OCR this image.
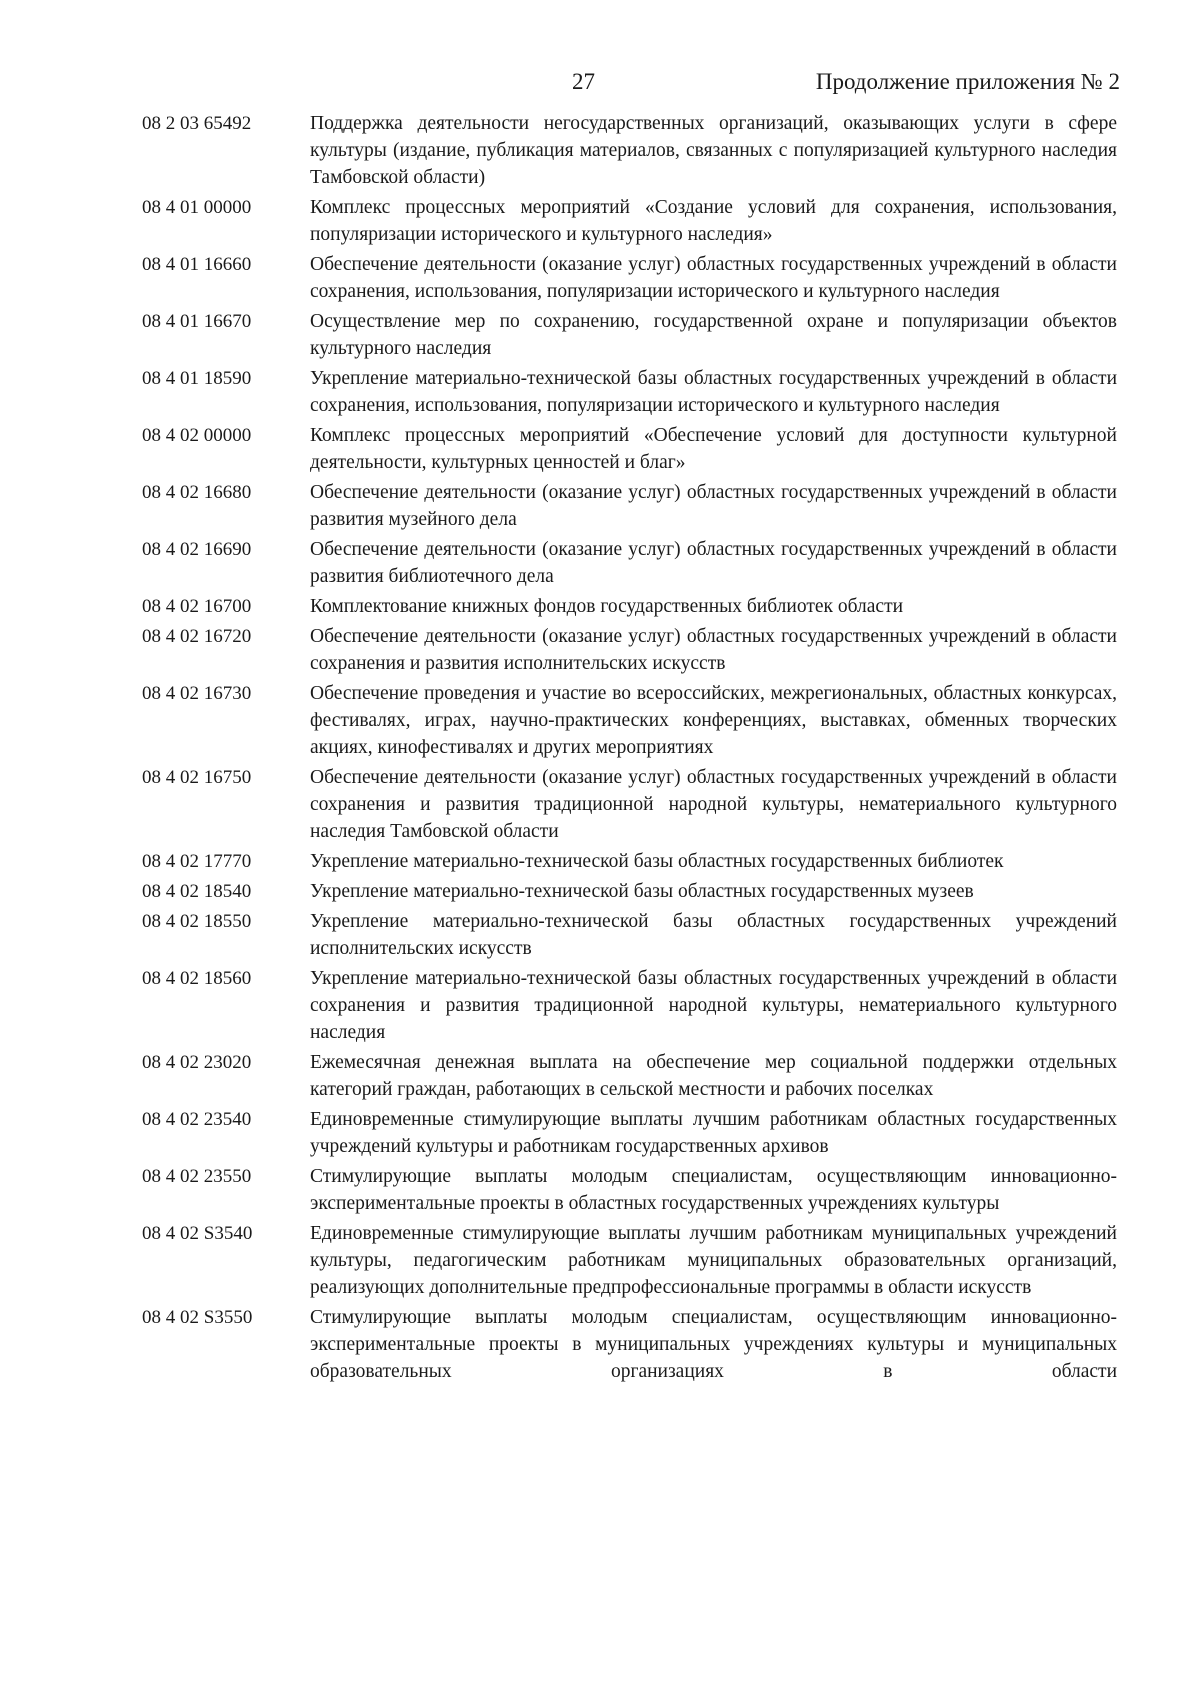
27	Продолжение приложения № 2
08 2 03 65492	Поддержка деятельности негосударственных организаций, оказывающих услуги в сфере культуры (издание, публикация материалов, связанных с популяризацией культурного наследия Тамбовской области)
08 4 01 00000	Комплекс процессных мероприятий «Создание условий для сохранения, использования, популяризации исторического и культурного наследия»
08 4 01 16660	Обеспечение деятельности (оказание услуг) областных государственных учреждений в области сохранения, использования, популяризации исторического и культурного наследия
08 4 01 16670	Осуществление мер по сохранению, государственной охране и популяризации объектов культурного наследия
08 4 01 18590	Укрепление материально-технической базы областных государственных учреждений в области сохранения, использования, популяризации исторического и культурного наследия
08 4 02 00000	Комплекс процессных мероприятий «Обеспечение условий для доступности культурной деятельности, культурных ценностей и благ»
08 4 02 16680	Обеспечение деятельности (оказание услуг) областных государственных учреждений в области развития музейного дела
08 4 02 16690	Обеспечение деятельности (оказание услуг) областных государственных учреждений в области развития библиотечного дела
08 4 02 16700	Комплектование книжных фондов государственных библиотек области
08 4 02 16720	Обеспечение деятельности (оказание услуг) областных государственных учреждений в области сохранения и развития исполнительских искусств
08 4 02 16730	Обеспечение проведения и участие во всероссийских, межрегиональных, областных конкурсах, фестивалях, играх, научно-практических конференциях, выставках, обменных творческих акциях, кинофестивалях и других мероприятиях
08 4 02 16750	Обеспечение деятельности (оказание услуг) областных государственных учреждений в области сохранения и развития традиционной народной культуры, нематериального культурного наследия Тамбовской области
08 4 02 17770	Укрепление материально-технической базы областных государственных библиотек
08 4 02 18540	Укрепление материально-технической базы областных государственных музеев
08 4 02 18550	Укрепление материально-технической базы областных государственных учреждений исполнительских искусств
08 4 02 18560	Укрепление материально-технической базы областных государственных учреждений в области сохранения и развития традиционной народной культуры, нематериального культурного наследия
08 4 02 23020	Ежемесячная денежная выплата на обеспечение мер социальной поддержки отдельных категорий граждан, работающих в сельской местности и рабочих поселках
08 4 02 23540	Единовременные стимулирующие выплаты лучшим работникам областных государственных учреждений культуры и работникам государственных архивов
08 4 02 23550	Стимулирующие выплаты молодым специалистам, осуществляющим инновационно-экспериментальные проекты в областных государственных учреждениях культуры
08 4 02 S3540	Единовременные стимулирующие выплаты лучшим работникам муниципальных учреждений культуры, педагогическим работникам муниципальных образовательных организаций, реализующих дополнительные предпрофессиональные программы в области искусств
08 4 02 S3550	Стимулирующие выплаты молодым специалистам, осуществляющим инновационно-экспериментальные проекты в муниципальных учреждениях культуры и муниципальных образовательных организациях в области
